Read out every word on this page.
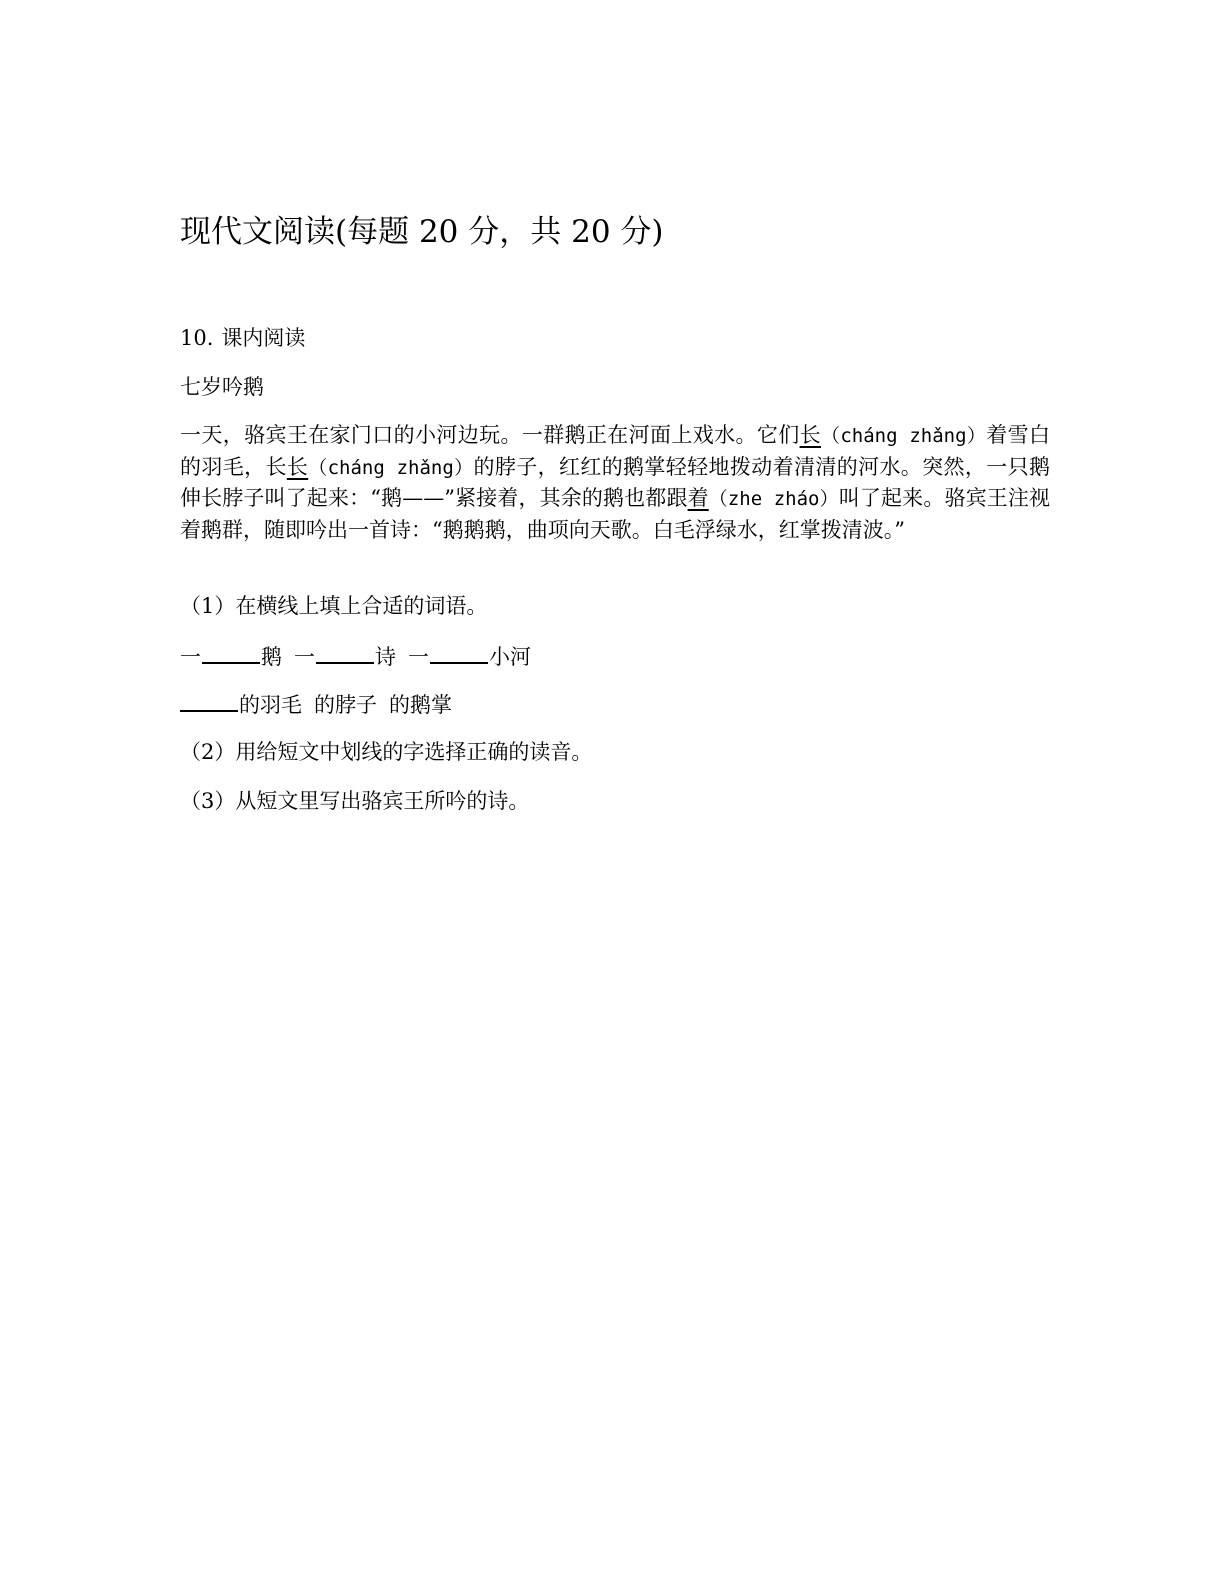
现代文阅读(每题 20 分，共 20 分)
10. 课内阅读
七岁吟鹅

一天，骆宾王在家门口的小河边玩。一群鹅正在河面上戏水。它们长（cháng zhǎng）着雪白的羽毛，长长（cháng zhǎng）的脖子，红红的鹅掌轻轻地拨动着清清的河水。突然，一只鹅伸长脖子叫了起来：“鹅——”紧接着，其余的鹅也都跟着（zhe zháo）叫了起来。骆宾王注视着鹅群，随即吟出一首诗：“鹅鹅鹅，曲项向天歌。白毛浮绿水，红掌拨清波。”

（1）在横线上填上合适的词语。
一	鹅 一	诗 一	小河
的羽毛 的脖子 的鹅掌
（2）用给短文中划线的字选择正确的读音。
（3）从短文里写出骆宾王所吟的诗。
